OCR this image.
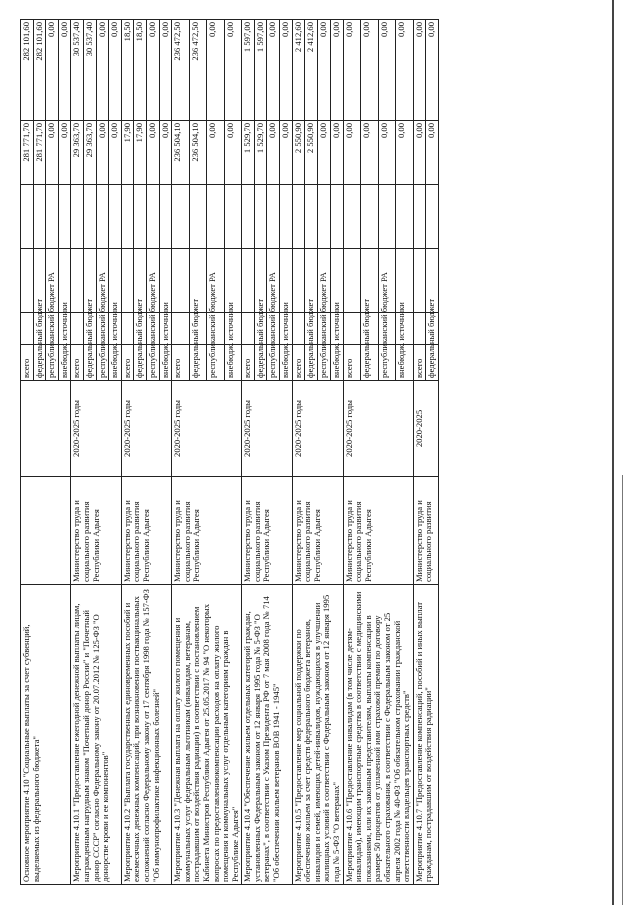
Основное мероприятие 4.10 "Социальные выплаты за счет субвенций, выделяемых из федерального бюджета"			всего				281 771,70	282 101,60	
			федеральный бюджет				281 771,70	282 101,60	
			республиканский бюджет РА				0,00	0,00	
			внебюдж. источники				0,00	0,00	
Мероприятие 4.10.1 "Предоставление ежегодной денежной выплаты лицам, награжденным нагрудным знаком "Почетный донор России" и "Почетный донор СССР" согласно Федеральному закону от 20.07.2012 № 125-ФЗ "О донорстве крови и ее компонентов"	Министерство труда и социального развития Республики Адыгея	2020-2025 годы	всего				29 363,70	30 537,40	
			федеральный бюджет				29 363,70	30 537,40	
			республиканский бюджет РА				0,00	0,00	
			внебюдж. источники				0,00	0,00	
Мероприятие 4.10.2 "Выплата государственных единовременных пособий и ежемесячных денежных компенсаций, при возникновении поствакцинальных осложнений согласно Федеральному закону от 17 сентября 1998 года № 157-ФЗ "Об иммунопрофилактике инфекционных болезней"	Министерство труда и социального развития Республики Адыгея	2020-2025 годы	всего				17,90	18,50	
			федеральный бюджет				17,90	18,50	
			республиканский бюджет РА				0,00	0,00	
			внебюдж. источники				0,00	0,00	
Мероприятие 4.10.3 "Денежная выплата на оплату жилого помещения и коммунальных услуг федеральным льготникам (инвалидам, ветеранам, пострадавшим от воздействия радиации) в соответствии с постановлением Кабинета Министров Республики Адыгея от 25.05.2017 № 94 "О некоторых вопросах по предоставлениюкомпенсации расходов на оплату жилого помещения и коммунальных услуг отдельным категориям граждан в Республике Адыгея"	Министерство труда и социального развития Республики Адыгея	2020-2025 годы	всего				236 504,10	236 472,50	
			федеральный бюджет				236 504,10	236 472,50	
			республиканский бюджет РА				0,00	0,00	
			внебюдж. источники				0,00	0,00	
Мероприятие 4.10.4 "Обеспечение жильем отдельных категорий граждан, установленных Федеральным законом от 12 января 1995 года № 5-ФЗ "О ветеранах", в соответствии с Указом Президента РФ от 7 мая 2008 года № 714 "Об обеспечении жильем ветеранов ВОВ 1941 - 1945"	Министерство труда и социального развития Республики Адыгея	2020-2025 годы	всего				1 529,70	1 597,00	
			федеральный бюджет				1 529,70	1 597,00	
			республиканский бюджет РА				0,00	0,00	
			внебюдж. источники				0,00	0,00	
Мероприятие 4.10.5 "Предоставление мер социальной поддержки по обеспечению жильем за счет средств федерального бюджета ветеранов, инвалидов и семей, имеющих детей-инвалидов, нуждающихся в улучшении жилищных условий в соответствии с Федеральным законом от 12 января 1995 года № 5-ФЗ "О ветеранах"	Министерство труда и социального развития Республики Адыгея	2020-2025 годы	всего				2 550,90	2 412,60	
			федеральный бюджет				2 550,90	2 412,60	
			республиканский бюджет РА				0,00	0,00	
			внебюдж. источники				0,00	0,00	
Мероприятие 4.10.6 "Предоставление инвалидам (в том числе детям-инвалидам), имеющим транспортные средства в соответствии с медицинскими показаниями, или их законным представителям, выплаты компенсации в размере 50 процентов от уплаченной ими страховой премии по договору обязательного страхования, в соответствии с Федеральным законом от 25 апреля 2002 года № 40-ФЗ "Об обязательном страховании гражданской ответственности владельцев транспортных средств"	Министерство труда и социального развития Республики Адыгея	2020-2025 годы	всего				0,00	0,00	
			федеральный бюджет				0,00	0,00	
			республиканский бюджет РА				0,00	0,00	
			внебюдж. источники				0,00	0,00	
Мероприятие 4.10.7 "Предоставление компенсаций, пособий и иных выплат гражданам, пострадавшим от воздействия радиации"	Министерство труда и социального развития	2020-2025	всего				0,00	0,00	
			федеральный бюджет				0,00	0,00	
